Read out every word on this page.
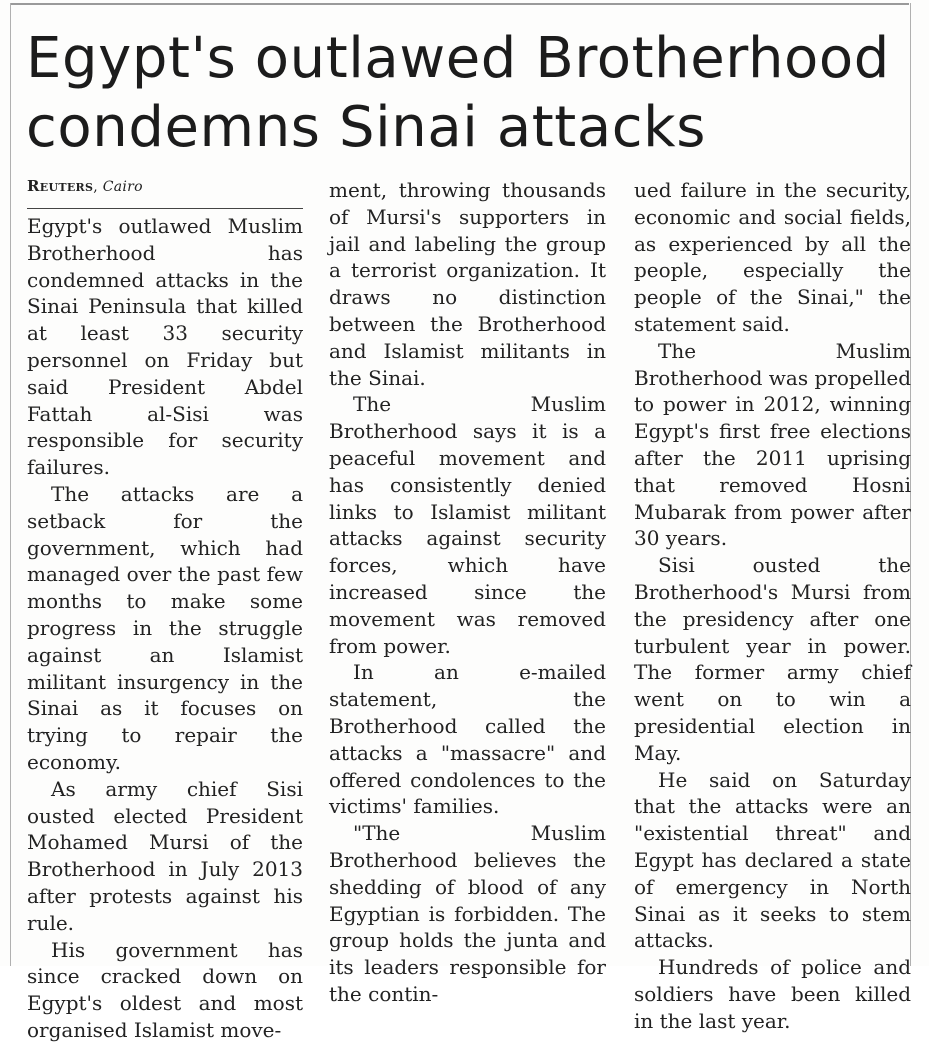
Egypt's outlawed Brotherhood condemns Sinai attacks
Reuters, Cairo

Egypt's outlawed Muslim Brotherhood has condemned attacks in the Sinai Peninsula that killed at least 33 security personnel on Friday but said President Abdel Fattah al-Sisi was responsible for security failures.

The attacks are a setback for the government, which had managed over the past few months to make some progress in the struggle against an Islamist militant insurgency in the Sinai as it focuses on trying to repair the economy.

As army chief Sisi ousted elected President Mohamed Mursi of the Brotherhood in July 2013 after protests against his rule.

His government has since cracked down on Egypt's oldest and most organised Islamist move-

ment, throwing thousands of Mursi's supporters in jail and labeling the group a terrorist organization. It draws no distinction between the Brotherhood and Islamist militants in the Sinai.

The Muslim Brotherhood says it is a peaceful movement and has consistently denied links to Islamist militant attacks against security forces, which have increased since the movement was removed from power.

In an e-mailed statement, the Brotherhood called the attacks a "massacre" and offered condolences to the victims' families.

"The Muslim Brotherhood believes the shedding of blood of any Egyptian is forbidden. The group holds the junta and its leaders responsible for the contin-

ued failure in the security, economic and social fields, as experienced by all the people, especially the people of the Sinai," the statement said.

The Muslim Brotherhood was propelled to power in 2012, winning Egypt's first free elections after the 2011 uprising that removed Hosni Mubarak from power after 30 years.

Sisi ousted the Brotherhood's Mursi from the presidency after one turbulent year in power. The former army chief went on to win a presidential election in May.

He said on Saturday that the attacks were an "existential threat" and Egypt has declared a state of emergency in North Sinai as it seeks to stem attacks.

Hundreds of police and soldiers have been killed in the last year.
